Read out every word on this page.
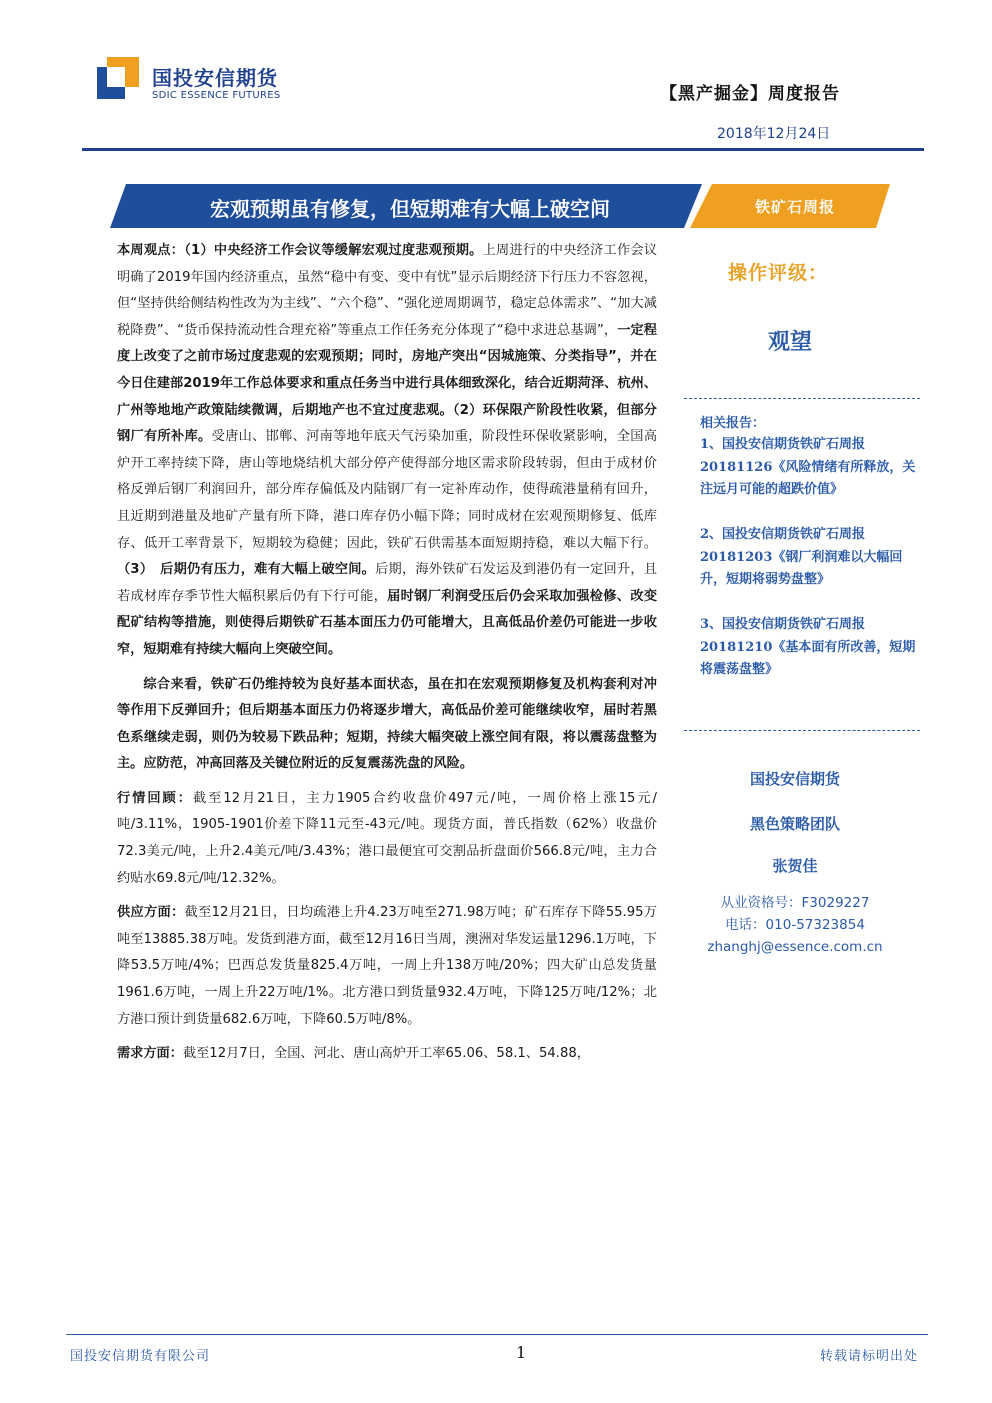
国投安信期货
SDIC ESSENCE FUTURES	【黑产掘金】周度报告
2018年12月24日
宏观预期虽有修复，但短期难有大幅上破空间	铁矿石周报

本周观点：（1）中央经济工作会议等缓解宏观过度悲观预期。上周进行的中央经济工作会议明确了2019年国内经济重点，虽然“稳中有变、变中有忧”显示后期经济下行压力不容忽视，但“坚持供给侧结构性改为为主线”、“六个稳”、“强化逆周期调节，稳定总体需求”、“加大减税降费”、“货币保持流动性合理充裕”等重点工作任务充分体现了“稳中求进总基调”，一定程度上改变了之前市场过度悲观的宏观预期；同时，房地产突出“因城施策、分类指导”，并在今日住建部2019年工作总体要求和重点任务当中进行具体细致深化，结合近期菏泽、杭州、广州等地地产政策陆续微调，后期地产也不宜过度悲观。（2）环保限产阶段性收紧，但部分钢厂有所补库。受唐山、邯郸、河南等地年底天气污染加重，阶段性环保收紧影响，全国高炉开工率持续下降，唐山等地烧结机大部分停产使得部分地区需求阶段转弱，但由于成材价格反弹后钢厂利润回升，部分库存偏低及内陆钢厂有一定补库动作，使得疏港量稍有回升，且近期到港量及地矿产量有所下降，港口库存仍小幅下降；同时成材在宏观预期修复、低库存、低开工率背景下，短期较为稳健；因此，铁矿石供需基本面短期持稳，难以大幅下行。（3）　后期仍有压力，难有大幅上破空间。后期，海外铁矿石发运及到港仍有一定回升，且若成材库存季节性大幅积累后仍有下行可能，届时钢厂利润受压后仍会采取加强检修、改变配矿结构等措施，则使得后期铁矿石基本面压力仍可能增大，且高低品价差仍可能进一步收窄，短期难有持续大幅向上突破空间。

综合来看，铁矿石仍维持较为良好基本面状态，虽在扣在宏观预期修复及机构套利对冲等作用下反弹回升；但后期基本面压力仍将逐步增大，高低品价差可能继续收窄，届时若黑色系继续走弱，则仍为较易下跌品种；短期，持续大幅突破上涨空间有限，将以震荡盘整为主。应防范，冲高回落及关键位附近的反复震荡洗盘的风险。

行情回顾：截至12月21日，主力1905合约收盘价497元/吨，一周价格上涨15元/吨/3.11%，1905-1901价差下降11元至-43元/吨。现货方面，普氏指数（62%）收盘价72.3美元/吨，上升2.4美元/吨/3.43%；港口最便宜可交割品折盘面价566.8元/吨，主力合约贴水69.8元/吨/12.32%。

供应方面：截至12月21日，日均疏港上升4.23万吨至271.98万吨；矿石库存下降55.95万吨至13885.38万吨。发货到港方面，截至12月16日当周，澳洲对华发运量1296.1万吨，下降53.5万吨/4%；巴西总发货量825.4万吨，一周上升138万吨/20%；四大矿山总发货量1961.6万吨，一周上升22万吨/1%。北方港口到货量932.4万吨，下降125万吨/12%；北方港口预计到货量682.6万吨，下降60.5万吨/8%。

需求方面：截至12月7日，全国、河北、唐山高炉开工率65.06、58.1、54.88，

操作评级：
观望
相关报告：
1、国投安信期货铁矿石周报20181126《风险情绪有所释放，关注远月可能的超跌价值》
2、国投安信期货铁矿石周报20181203《钢厂利润难以大幅回升，短期将弱势盘整》
3、国投安信期货铁矿石周报20181210《基本面有所改善，短期将震荡盘整》
国投安信期货
黑色策略团队
张贺佳
从业资格号：F3029227
电话：010-57323854
zhanghj@essence.com.cn
国投安信期货有限公司	1	转载请标明出处
